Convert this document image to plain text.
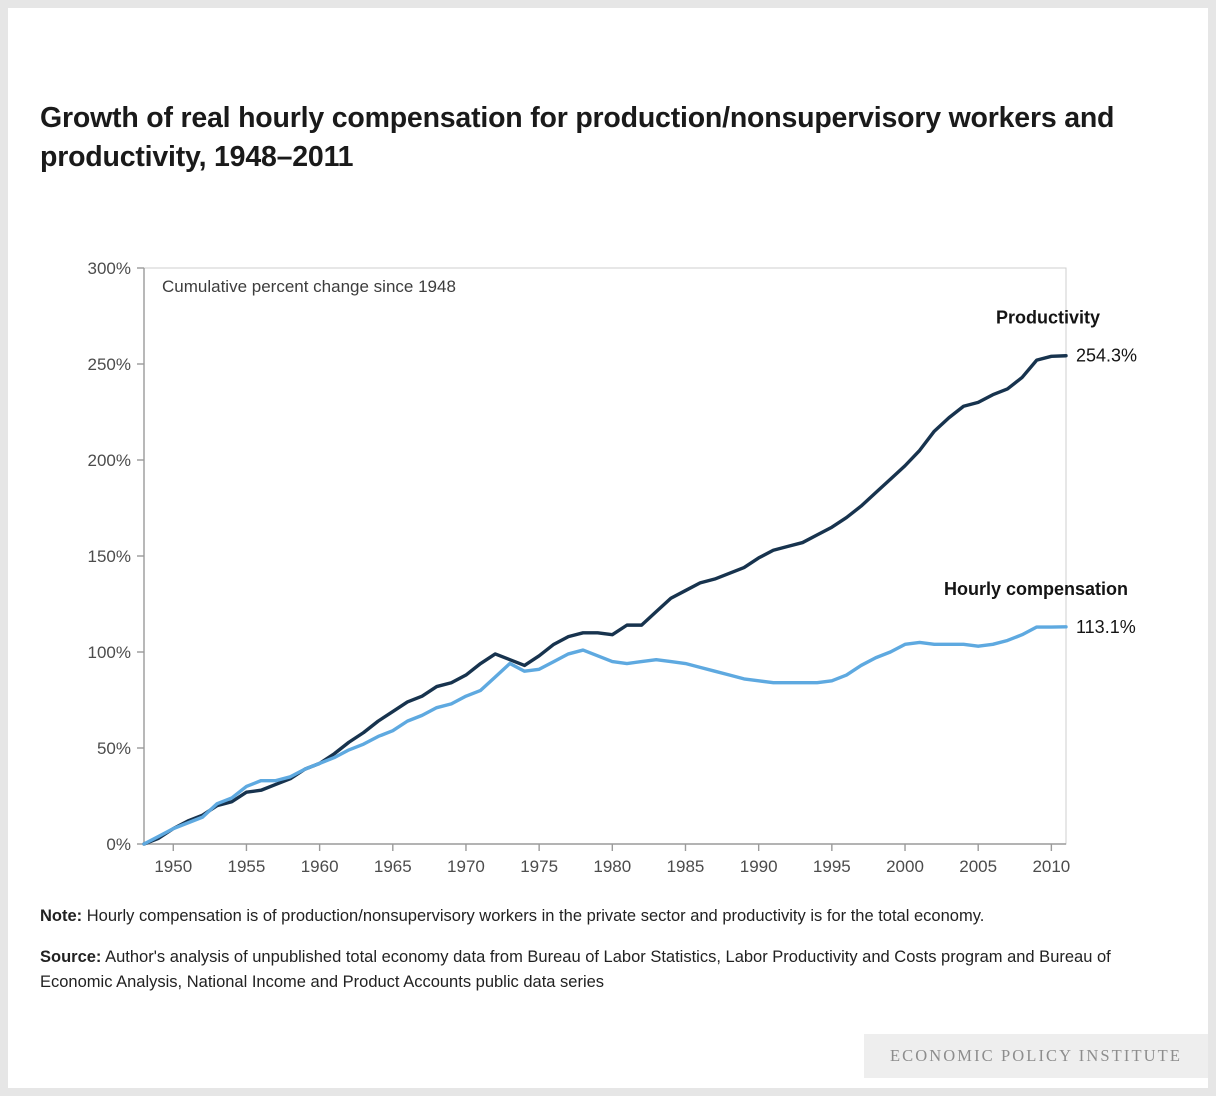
Growth of real hourly compensation for production/nonsupervisory workers and productivity, 1948–2011
0%
50%
100%
150%
200%
250%
300%
1950 1955 1960 1965 1970 1975 1980 1985 1990 1995 2000 2005 2010
Cumulative percent change since 1948
Productivity
254.3%
Hourly compensation
113.1%
Note: Hourly compensation is of production/nonsupervisory workers in the private sector and productivity is for the total economy.
Source: Author's analysis of unpublished total economy data from Bureau of Labor Statistics, Labor Productivity and Costs program and Bureau of Economic Analysis, National Income and Product Accounts public data series
ECONOMIC POLICY INSTITUTE
